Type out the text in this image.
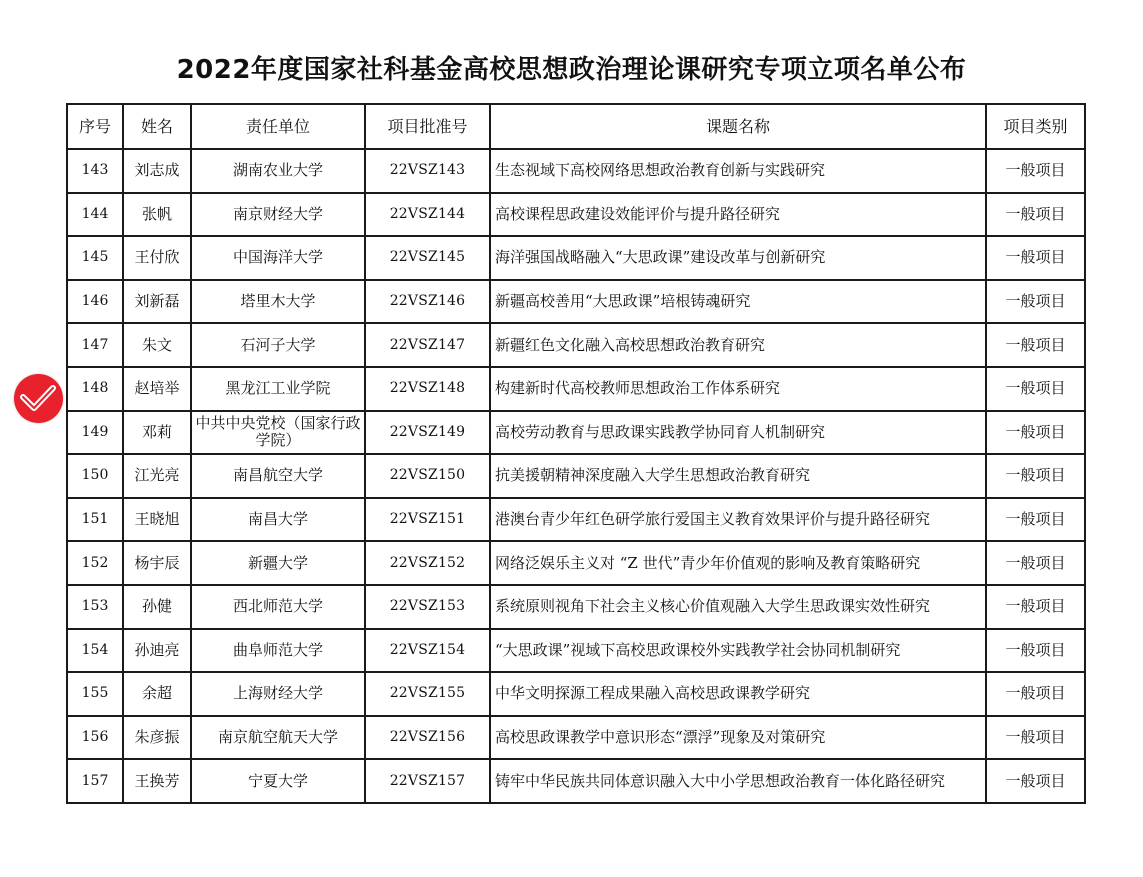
2022年度国家社科基金高校思想政治理论课研究专项立项名单公布
序号	姓名	责任单位	项目批准号	课题名称	项目类别
143	刘志成	湖南农业大学	22VSZ143	生态视域下高校网络思想政治教育创新与实践研究	一般项目
144	张帆	南京财经大学	22VSZ144	高校课程思政建设效能评价与提升路径研究	一般项目
145	王付欣	中国海洋大学	22VSZ145	海洋强国战略融入“大思政课”建设改革与创新研究	一般项目
146	刘新磊	塔里木大学	22VSZ146	新疆高校善用“大思政课”培根铸魂研究	一般项目
147	朱文	石河子大学	22VSZ147	新疆红色文化融入高校思想政治教育研究	一般项目
148	赵培举	黑龙江工业学院	22VSZ148	构建新时代高校教师思想政治工作体系研究	一般项目
149	邓莉	中共中央党校（国家行政学院）	22VSZ149	高校劳动教育与思政课实践教学协同育人机制研究	一般项目
150	江光亮	南昌航空大学	22VSZ150	抗美援朝精神深度融入大学生思想政治教育研究	一般项目
151	王晓旭	南昌大学	22VSZ151	港澳台青少年红色研学旅行爱国主义教育效果评价与提升路径研究	一般项目
152	杨宇辰	新疆大学	22VSZ152	网络泛娱乐主义对 “Z 世代”青少年价值观的影响及教育策略研究	一般项目
153	孙健	西北师范大学	22VSZ153	系统原则视角下社会主义核心价值观融入大学生思政课实效性研究	一般项目
154	孙迪亮	曲阜师范大学	22VSZ154	“大思政课”视域下高校思政课校外实践教学社会协同机制研究	一般项目
155	余超	上海财经大学	22VSZ155	中华文明探源工程成果融入高校思政课教学研究	一般项目
156	朱彦振	南京航空航天大学	22VSZ156	高校思政课教学中意识形态“漂浮”现象及对策研究	一般项目
157	王换芳	宁夏大学	22VSZ157	铸牢中华民族共同体意识融入大中小学思想政治教育一体化路径研究	一般项目
